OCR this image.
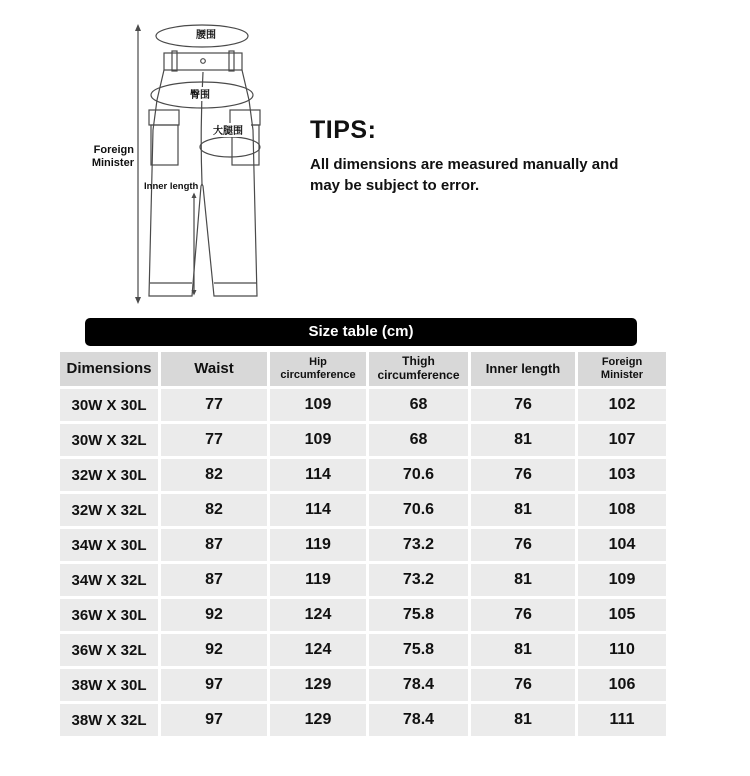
腰围
臀围
大腿围
Foreign
Minister
Inner length
TIPS:
All dimensions are measured manually and may be subject to error.
Size table (cm)
Dimensions	Waist	Hip circumference	Thigh circumference	Inner length	Foreign Minister
30W X 30L	77	109	68	76	102
30W X 32L	77	109	68	81	107
32W X 30L	82	114	70.6	76	103
32W X 32L	82	114	70.6	81	108
34W X 30L	87	119	73.2	76	104
34W X 32L	87	119	73.2	81	109
36W X 30L	92	124	75.8	76	105
36W X 32L	92	124	75.8	81	110
38W X 30L	97	129	78.4	76	106
38W X 32L	97	129	78.4	81	111
